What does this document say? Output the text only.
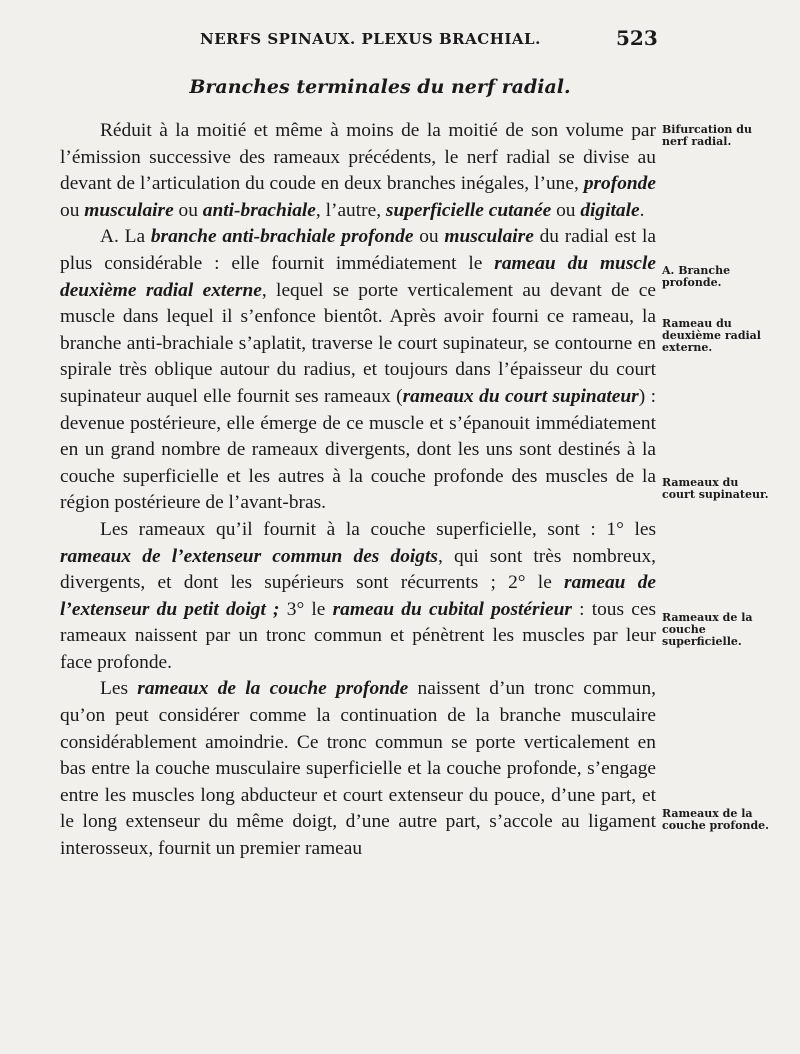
NERFS SPINAUX. PLEXUS BRACHIAL.	523
Branches terminales du nerf radial.

Réduit à la moitié et même à moins de la moitié de son volume par l’émission successive des rameaux précédents, le nerf radial se divise au devant de l’articulation du coude en deux branches inégales, l’une, profonde ou musculaire ou anti-brachiale, l’autre, superficielle cutanée ou digitale.

A. La branche anti-brachiale profonde ou musculaire du radial est la plus considérable : elle fournit immédiatement le rameau du muscle deuxième radial externe, lequel se porte verticalement au devant de ce muscle dans lequel il s’enfonce bientôt. Après avoir fourni ce rameau, la branche anti-brachiale s’aplatit, traverse le court supinateur, se contourne en spirale très oblique autour du radius, et toujours dans l’épaisseur du court supinateur auquel elle fournit ses rameaux (rameaux du court supinateur) : devenue postérieure, elle émerge de ce muscle et s’épanouit immédiatement en un grand nombre de rameaux divergents, dont les uns sont destinés à la couche superficielle et les autres à la couche profonde des muscles de la région postérieure de l’avant-bras.

Les rameaux qu’il fournit à la couche superficielle, sont : 1° les rameaux de l’extenseur commun des doigts, qui sont très nombreux, divergents, et dont les supérieurs sont récurrents ; 2° le rameau de l’extenseur du petit doigt ; 3° le rameau du cubital postérieur : tous ces rameaux naissent par un tronc commun et pénètrent les muscles par leur face profonde.

Les rameaux de la couche profonde naissent d’un tronc commun, qu’on peut considérer comme la continuation de la branche musculaire considérablement amoindrie. Ce tronc commun se porte verticalement en bas entre la couche musculaire superficielle et la couche profonde, s’engage entre les muscles long abducteur et court extenseur du pouce, d’une part, et le long extenseur du même doigt, d’une autre part, s’accole au ligament interosseux, fournit un premier rameau

Bifurcation du nerf radial.
A. Branche profonde.
Rameau du deuxième radial externe.
Rameaux du court supinateur.
Rameaux de la couche superficielle.
Rameaux de la couche profonde.
